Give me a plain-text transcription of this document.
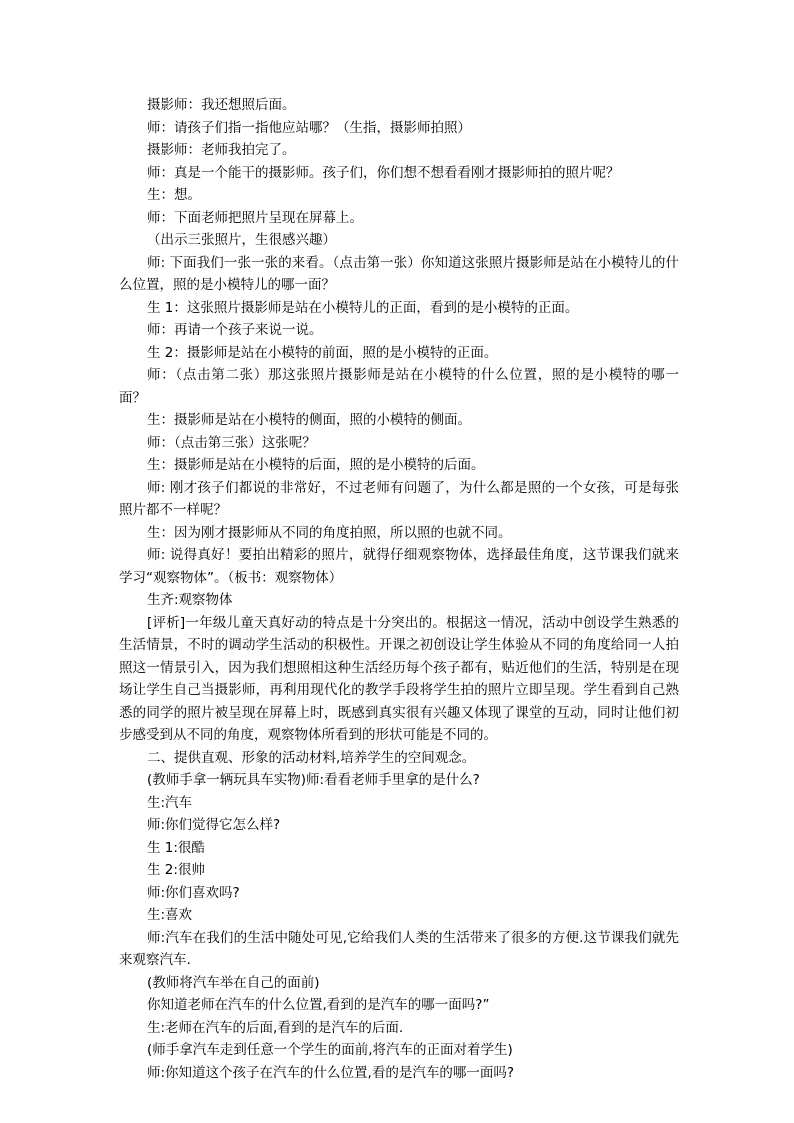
摄影师：我还想照后面。

师：请孩子们指一指他应站哪？（生指，摄影师拍照）

摄影师：老师我拍完了。

师：真是一个能干的摄影师。孩子们，你们想不想看看刚才摄影师拍的照片呢？

生：想。

师：下面老师把照片呈现在屏幕上。

（出示三张照片，生很感兴趣）

师: 下面我们一张一张的来看。（点击第一张）你知道这张照片摄影师是站在小模特儿的什么位置，照的是小模特儿的哪一面？

生 1：这张照片摄影师是站在小模特儿的正面，看到的是小模特的正面。

师：再请一个孩子来说一说。

生 2：摄影师是站在小模特的前面，照的是小模特的正面。

师：（点击第二张）那这张照片摄影师是站在小模特的什么位置，照的是小模特的哪一面？

生：摄影师是站在小模特的侧面，照的小模特的侧面。

师：（点击第三张）这张呢？

生：摄影师是站在小模特的后面，照的是小模特的后面。

师: 刚才孩子们都说的非常好，不过老师有问题了，为什么都是照的一个女孩，可是每张照片都不一样呢？

生：因为刚才摄影师从不同的角度拍照，所以照的也就不同。

师: 说得真好！要拍出精彩的照片，就得仔细观察物体，选择最佳角度，这节课我们就来学习“观察物体”。（板书：观察物体）

生齐:观察物体

[评析]一年级儿童天真好动的特点是十分突出的。根据这一情况，活动中创设学生熟悉的生活情景，不时的调动学生活动的积极性。开课之初创设让学生体验从不同的角度给同一人拍照这一情景引入，因为我们想照相这种生活经历每个孩子都有，贴近他们的生活，特别是在现场让学生自己当摄影师，再利用现代化的教学手段将学生拍的照片立即呈现。学生看到自己熟悉的同学的照片被呈现在屏幕上时，既感到真实很有兴趣又体现了课堂的互动，同时让他们初步感受到从不同的角度，观察物体所看到的形状可能是不同的。

二、提供直观、形象的活动材料,培养学生的空间观念。

(教师手拿一辆玩具车实物)师:看看老师手里拿的是什么?

生:汽车

师:你们觉得它怎么样?

生 1:很酷

生 2:很帅

师:你们喜欢吗?

生:喜欢

师:汽车在我们的生活中随处可见,它给我们人类的生活带来了很多的方便.这节课我们就先来观察汽车.

(教师将汽车举在自己的面前)

你知道老师在汽车的什么位置,看到的是汽车的哪一面吗?”

生:老师在汽车的后面,看到的是汽车的后面.

(师手拿汽车走到任意一个学生的面前,将汽车的正面对着学生)

师:你知道这个孩子在汽车的什么位置,看的是汽车的哪一面吗?
